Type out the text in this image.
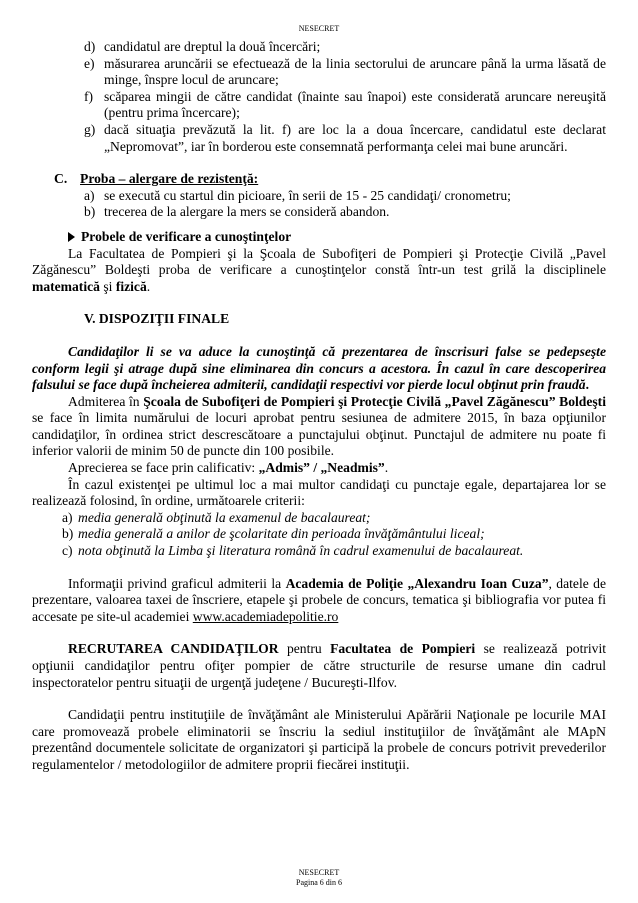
NESECRET
d) candidatul are dreptul la două încercări;
e) măsurarea aruncării se efectuează de la linia sectorului de aruncare până la urma lăsată de minge, înspre locul de aruncare;
f) scăparea mingii de către candidat (înainte sau înapoi) este considerată aruncare nereuşită (pentru prima încercare);
g) dacă situaţia prevăzută la lit. f) are loc la a doua încercare, candidatul este declarat „Nepromovat”, iar în borderou este consemnată performanţa celei mai bune aruncări.
C. Proba – alergare de rezistenţă:
a) se execută cu startul din picioare, în serii de 15 - 25 candidaţi/ cronometru;
b) trecerea de la alergare la mers se consideră abandon.
Probele de verificare a cunoştinţelor

La Facultatea de Pompieri şi la Şcoala de Subofiţeri de Pompieri şi Protecţie Civilă „Pavel Zăgănescu” Boldeşti proba de verificare a cunoştinţelor constă într-un test grilă la disciplinele matematică şi fizică.

V. DISPOZIŢII FINALE

Candidaţilor li se va aduce la cunoştinţă că prezentarea de înscrisuri false se pedepseşte conform legii şi atrage după sine eliminarea din concurs a acestora. În cazul în care descoperirea falsului se face după încheierea admiterii, candidaţii respectivi vor pierde locul obţinut prin fraudă.

Admiterea în Şcoala de Subofiţeri de Pompieri şi Protecţie Civilă „Pavel Zăgănescu” Boldeşti se face în limita numărului de locuri aprobat pentru sesiunea de admitere 2015, în baza opţiunilor candidaţilor, în ordinea strict descrescătoare a punctajului obţinut. Punctajul de admitere nu poate fi inferior valorii de minim 50 de puncte din 100 posibile.

Aprecierea se face prin calificativ: „Admis” / „Neadmis”.

În cazul existenţei pe ultimul loc a mai multor candidaţi cu punctaje egale, departajarea lor se realizează folosind, în ordine, următoarele criterii:

a) media generală obţinută la examenul de bacalaureat;
b) media generală a anilor de şcolaritate din perioada învăţământului liceal;
c) nota obţinută la Limba şi literatura română în cadrul examenului de bacalaureat.

Informaţii privind graficul admiterii la Academia de Poliţie „Alexandru Ioan Cuza”, datele de prezentare, valoarea taxei de înscriere, etapele şi probele de concurs, tematica şi bibliografia vor putea fi accesate pe site-ul academiei www.academiadepolitie.ro

RECRUTAREA CANDIDAŢILOR pentru Facultatea de Pompieri se realizează potrivit opţiunii candidaţilor pentru ofiţer pompier de către structurile de resurse umane din cadrul inspectoratelor pentru situaţii de urgenţă judeţene / Bucureşti-Ilfov.

Candidaţii pentru instituţiile de învăţământ ale Ministerului Apărării Naţionale pe locurile MAI care promovează probele eliminatorii se înscriu la sediul instituţiilor de învăţământ ale MApN prezentând documentele solicitate de organizatori şi participă la probele de concurs potrivit prevederilor regulamentelor / metodologiilor de admitere proprii fiecărei instituţii.

NESECRET
Pagina 6 din 6
